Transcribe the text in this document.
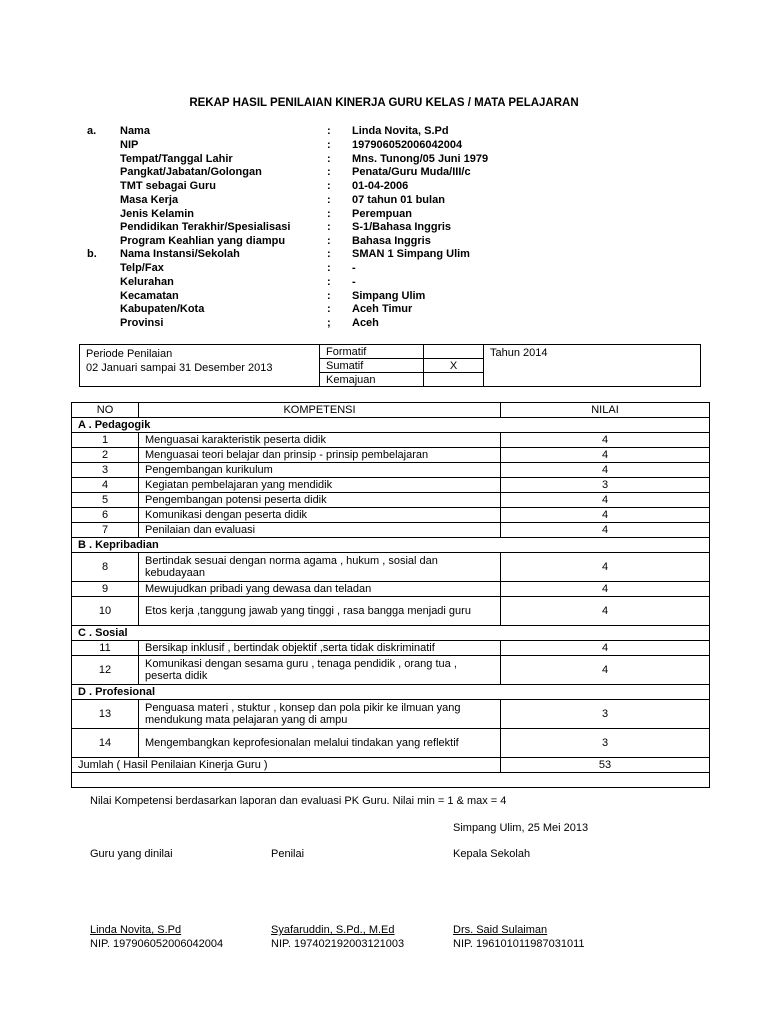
REKAP HASIL PENILAIAN KINERJA GURU KELAS / MATA PELAJARAN
a. Nama	: Linda Novita, S.Pd
NIP	: 197906052006042004
Tempat/Tanggal Lahir	: Mns. Tunong/05 Juni 1979
Pangkat/Jabatan/Golongan	: Penata/Guru Muda/III/c
TMT sebagai Guru	: 01-04-2006
Masa Kerja	: 07 tahun 01 bulan
Jenis Kelamin	: Perempuan
Pendidikan Terakhir/Spesialisasi	: S-1/Bahasa Inggris
Program Keahlian yang diampu	: Bahasa Inggris
b. Nama Instansi/Sekolah	: SMAN 1 Simpang Ulim
Telp/Fax	: -
Kelurahan	: -
Kecamatan	: Simpang Ulim
Kabupaten/Kota	: Aceh Timur
Provinsi	; Aceh
Periode Penilaian
02 Januari sampai 31 Desember 2013	Formatif		Tahun 2014
	Sumatif	X	
	Kemajuan		
NO	KOMPETENSI	NILAI
A . Pedagogik		
1	Menguasai karakteristik peserta didik	4
2	Menguasai teori belajar dan prinsip - prinsip pembelajaran	4
3	Pengembangan kurikulum	4
4	Kegiatan pembelajaran yang mendidik	3
5	Pengembangan potensi peserta didik	4
6	Komunikasi dengan peserta didik	4
7	Penilaian dan evaluasi	4
B . Kepribadian		
8	Bertindak sesuai dengan norma agama , hukum , sosial dan kebudayaan	4
9	Mewujudkan pribadi yang dewasa dan teladan	4
10	Etos kerja ,tanggung jawab yang tinggi , rasa bangga menjadi guru	4
C . Sosial		
11	Bersikap inklusif , bertindak objektif ,serta tidak diskriminatif	4
12	Komunikasi dengan sesama guru , tenaga pendidik , orang tua , peserta didik	4
D . Profesional		
13	Penguasa materi , stuktur , konsep dan pola pikir ke ilmuan yang mendukung mata pelajaran yang di ampu	3
14	Mengembangkan keprofesionalan melalui tindakan yang reflektif	3
Jumlah ( Hasil Penilaian Kinerja Guru )		53

Nilai Kompetensi berdasarkan laporan dan evaluasi PK Guru. Nilai min = 1 & max = 4
Simpang Ulim, 25 Mei 2013
Guru yang dinilai	Penilai	Kepala Sekolah
Linda Novita, S.Pd	Syafaruddin, S.Pd., M.Ed	Drs. Said Sulaiman
NIP. 197906052006042004	NIP. 197402192003121003	NIP. 196101011987031011
